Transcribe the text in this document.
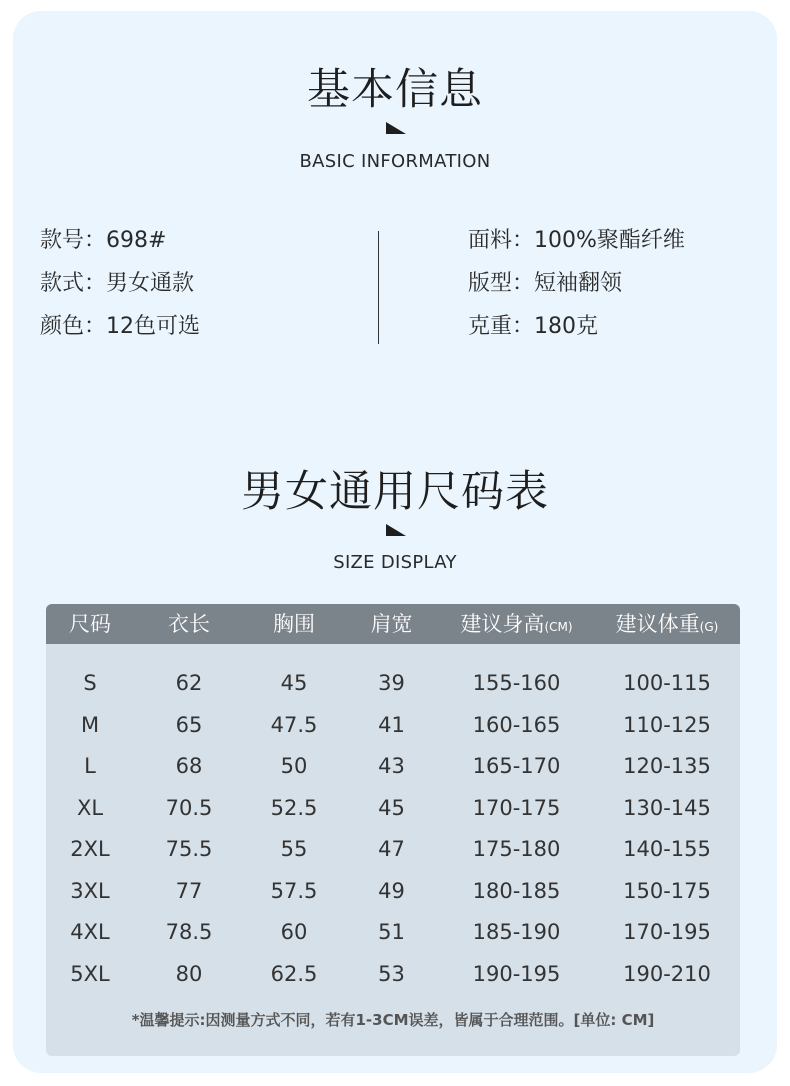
基本信息
BASIC INFORMATION
款号：698#
款式：男女通款
颜色：12色可选
面料：100%聚酯纤维
版型：短袖翻领
克重：180克
男女通用尺码表
SIZE DISPLAY
尺码	衣长	胸围	肩宽	建议身高(CM)	建议体重(G)
S	62	45	39	155-160	100-115
M	65	47.5	41	160-165	110-125
L	68	50	43	165-170	120-135
XL	70.5	52.5	45	170-175	130-145
2XL	75.5	55	47	175-180	140-155
3XL	77	57.5	49	180-185	150-175
4XL	78.5	60	51	185-190	170-195
5XL	80	62.5	53	190-195	190-210
*温馨提示:因测量方式不同，若有1-3CM误差，皆属于合理范围。[单位: CM]
